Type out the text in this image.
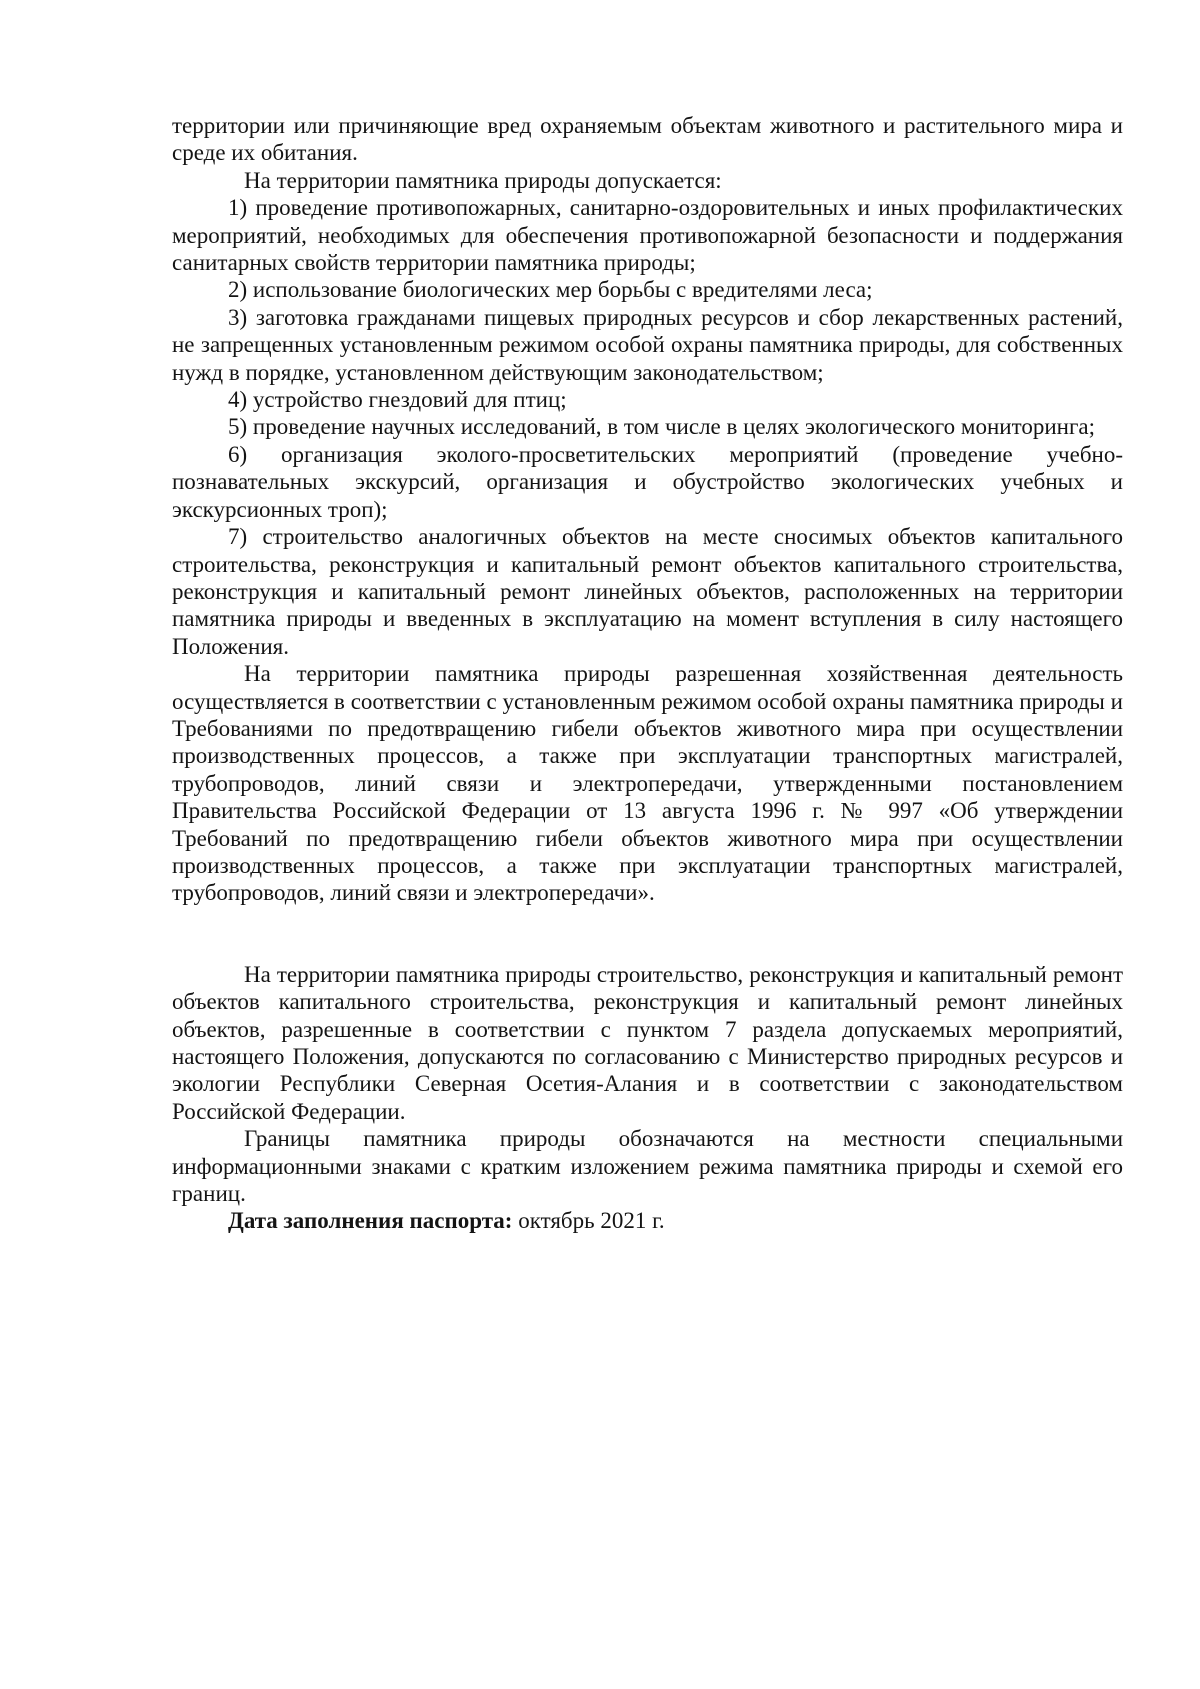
территории или причиняющие вред охраняемым объектам животного и растительного мира и среде их обитания.

На территории памятника природы допускается:

1) проведение противопожарных, санитарно-оздоровительных и иных профилактических мероприятий, необходимых для обеспечения противопожарной безопасности и поддержания санитарных свойств территории памятника природы;

2) использование биологических мер борьбы с вредителями леса;

3) заготовка гражданами пищевых природных ресурсов и сбор лекарственных растений, не запрещенных установленным режимом особой охраны памятника природы, для собственных нужд в порядке, установленном действующим законодательством;

4) устройство гнездовий для птиц;

5) проведение научных исследований, в том числе в целях экологического мониторинга;

6) организация эколого-просветительских мероприятий (проведение учебно-познавательных экскурсий, организация и обустройство экологических учебных и экскурсионных троп);

7) строительство аналогичных объектов на месте сносимых объектов капитального строительства, реконструкция и капитальный ремонт объектов капитального строительства, реконструкция и капитальный ремонт линейных объектов, расположенных на территории памятника природы и введенных в эксплуатацию на момент вступления в силу настоящего Положения.

На территории памятника природы разрешенная хозяйственная деятельность осуществляется в соответствии с установленным режимом особой охраны памятника природы и Требованиями по предотвращению гибели объектов животного мира при осуществлении производственных процессов, а также при эксплуатации транспортных магистралей, трубопроводов, линий связи и электропередачи, утвержденными постановлением Правительства Российской Федерации от 13 августа 1996 г. № 997 «Об утверждении Требований по предотвращению гибели объектов животного мира при осуществлении производственных процессов, а также при эксплуатации транспортных магистралей, трубопроводов, линий связи и электропередачи».

На территории памятника природы строительство, реконструкция и капитальный ремонт объектов капитального строительства, реконструкция и капитальный ремонт линейных объектов, разрешенные в соответствии с пунктом 7 раздела допускаемых мероприятий, настоящего Положения, допускаются по согласованию с Министерство природных ресурсов и экологии Республики Северная Осетия-Алания и в соответствии с законодательством Российской Федерации.

Границы памятника природы обозначаются на местности специальными информационными знаками с кратким изложением режима памятника природы и схемой его границ.

Дата заполнения паспорта: октябрь 2021 г.
